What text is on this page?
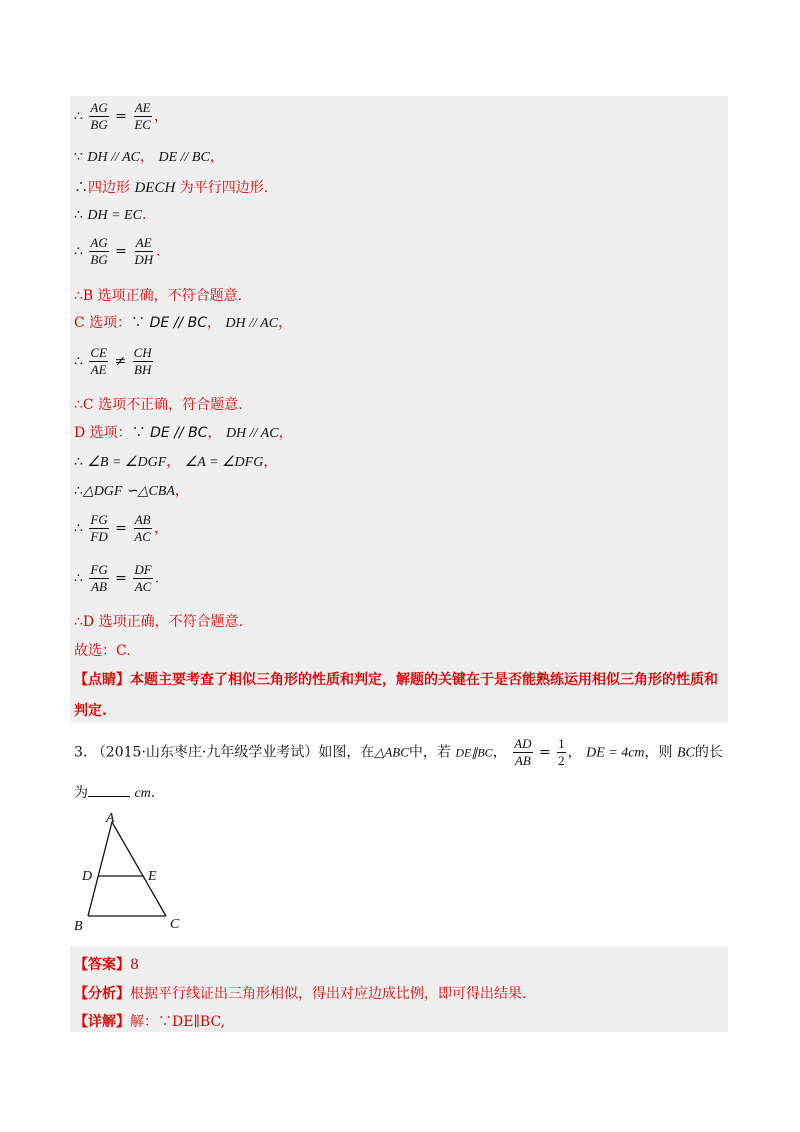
∴ $\frac{AG}{BG} = \frac{AE}{EC}$ ，
∵ DH // AC， DE // BC，
∴四边形 DECH 为平行四边形.
∴ DH = EC.
∴ $\frac{AG}{BG} = \frac{AE}{DH}$ .
∴B 选项正确，不符合题意.
C 选项：∵ DE // BC， DH // AC，
∴ $\frac{CE}{AE} \ne \frac{CH}{BH}$
∴C 选项不正确，符合题意.
D 选项：∵ DE // BC， DH // AC，
∴ ∠B = ∠DGF， ∠A = ∠DFG，
∴△DGF ∽△CBA，
∴ $\frac{FG}{FD} = \frac{AB}{AC}$ ，
∴ $\frac{FG}{AB} = \frac{DF}{AC}$ .
∴D 选项正确，不符合题意.
故选：C.
【点睛】本题主要考查了相似三角形的性质和判定，解题的关键在于是否能熟练运用相似三角形的性质和
判定.
3. （2015·山东枣庄·九年级学业考试）如图，在△ABC中，若 DE∥BC， $\frac{AD}{AB} = \frac{1}{2}$ ， DE = 4cm，则 BC的长
为	cm.
A
D	E
B	C
【答案】8
【分析】根据平行线证出三角形相似，得出对应边成比例，即可得出结果.
【详解】解：∵DE∥BC,
